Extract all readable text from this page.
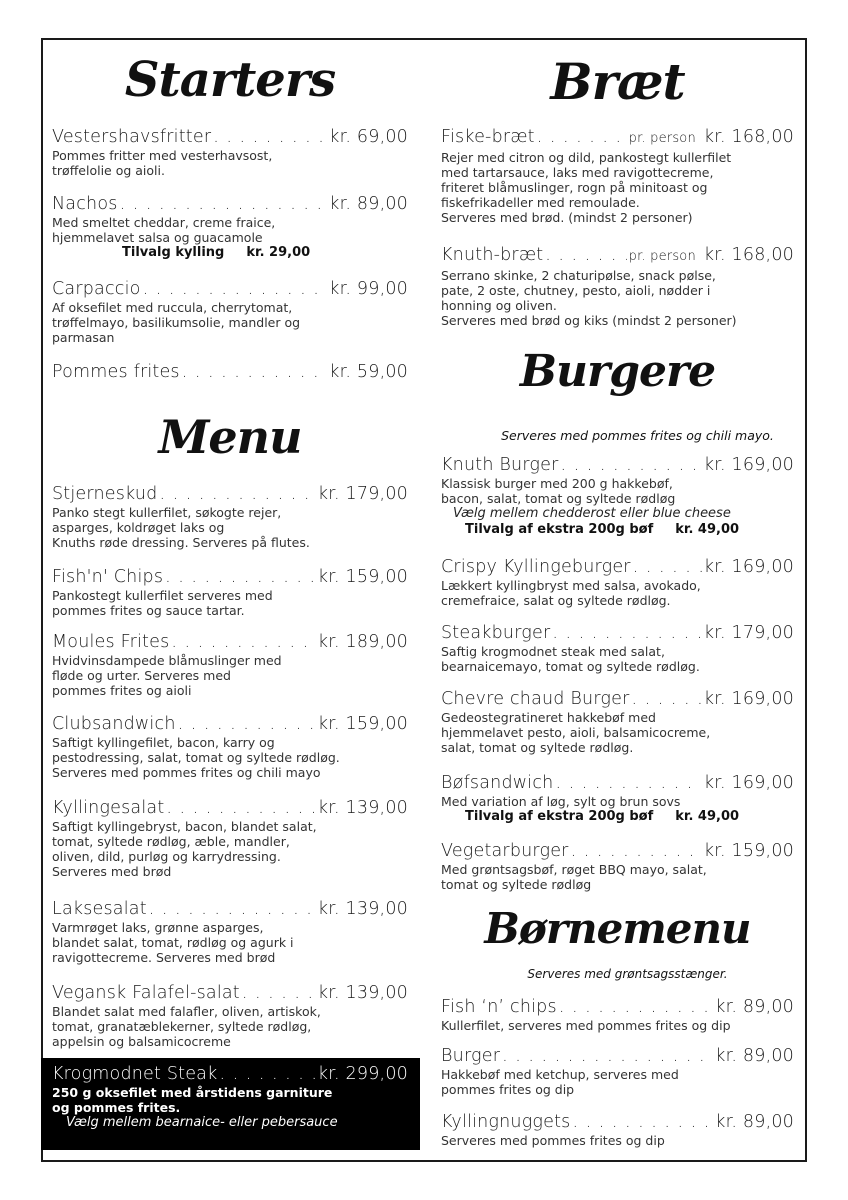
Starters
Vestershavsfritter . . .	kr. 69,00
Pommes fritter med vesterhavsost,
trøffelolie og aioli.
Nachos . . .	kr. 89,00
Med smeltet cheddar, creme fraice,
hjemmelavet salsa og guacamole
Tilvalg kylling kr. 29,00
Carpaccio . . .	kr. 99,00
Af oksefilet med ruccula, cherrytomat,
trøffelmayo, basilikumsolie, mandler og
parmasan
Pommes frites . . .	kr. 59,00
Menu
Stjerneskud . . .	kr. 179,00
Panko stegt kullerfilet, søkogte rejer,
asparges, koldrøget laks og
Knuths røde dressing. Serveres på flutes.
Fish'n' Chips . . .	kr. 159,00
Pankostegt kullerfilet serveres med
pommes frites og sauce tartar.
Moules Frites . . .	kr. 189,00
Hvidvinsdampede blåmuslinger med
fløde og urter. Serveres med
pommes frites og aioli
Clubsandwich . . .	kr. 159,00
Saftigt kyllingefilet, bacon, karry og
pestodressing, salat, tomat og syltede rødløg.
Serveres med pommes frites og chili mayo
Kyllingesalat . . .	kr. 139,00
Saftigt kyllingebryst, bacon, blandet salat,
tomat, syltede rødløg, æble, mandler,
oliven, dild, purløg og karrydressing.
Serveres med brød
Laksesalat . . .	kr. 139,00
Varmrøget laks, grønne asparges,
blandet salat, tomat, rødløg og agurk i
ravigottecreme. Serveres med brød
Vegansk Falafel-salat . . .	kr. 139,00
Blandet salat med falafler, oliven, artiskok,
tomat, granatæblekerner, syltede rødløg,
appelsin og balsamicocreme
Krogmodnet Steak . . .	kr. 299,00
250 g oksefilet med årstidens garniture
og pommes frites.
Vælg mellem bearnaice- eller pebersauce
Bræt
Fiske-bræt . . .	pr. person kr. 168,00
Rejer med citron og dild, pankostegt kullerfilet
med tartarsauce, laks med ravigottecreme,
friteret blåmuslinger, rogn på minitoast og
fiskefrikadeller med remoulade.
Serveres med brød. (mindst 2 personer)
Knuth-bræt . . .	pr. person kr. 168,00
Serrano skinke, 2 chaturipølse, snack pølse,
pate, 2 oste, chutney, pesto, aioli, nødder i
honning og oliven.
Serveres med brød og kiks (mindst 2 personer)
Burgere
Serveres med pommes frites og chili mayo.
Knuth Burger . . .	kr. 169,00
Klassisk burger med 200 g hakkebøf,
bacon, salat, tomat og syltede rødløg
Vælg mellem chedderost eller blue cheese
Tilvalg af ekstra 200g bøf kr. 49,00
Crispy Kyllingeburger . . .	kr. 169,00
Lækkert kyllingbryst med salsa, avokado,
cremefraice, salat og syltede rødløg.
Steakburger . . .	kr. 179,00
Saftig krogmodnet steak med salat,
bearnaicemayo, tomat og syltede rødløg.
Chevre chaud Burger . . .	kr. 169,00
Gedeostegratineret hakkebøf med
hjemmelavet pesto, aioli, balsamicocreme,
salat, tomat og syltede rødløg.
Bøfsandwich . . .	kr. 169,00
Med variation af løg, sylt og brun sovs
Tilvalg af ekstra 200g bøf kr. 49,00
Vegetarburger . . .	kr. 159,00
Med grøntsagsbøf, røget BBQ mayo, salat,
tomat og syltede rødløg
Børnemenu
Serveres med grøntsagsstænger.
Fish ‘n’ chips . . .	kr. 89,00
Kullerfilet, serveres med pommes frites og dip
Burger . . .	kr. 89,00
Hakkebøf med ketchup, serveres med
pommes frites og dip
Kyllingnuggets . . .	kr. 89,00
Serveres med pommes frites og dip
